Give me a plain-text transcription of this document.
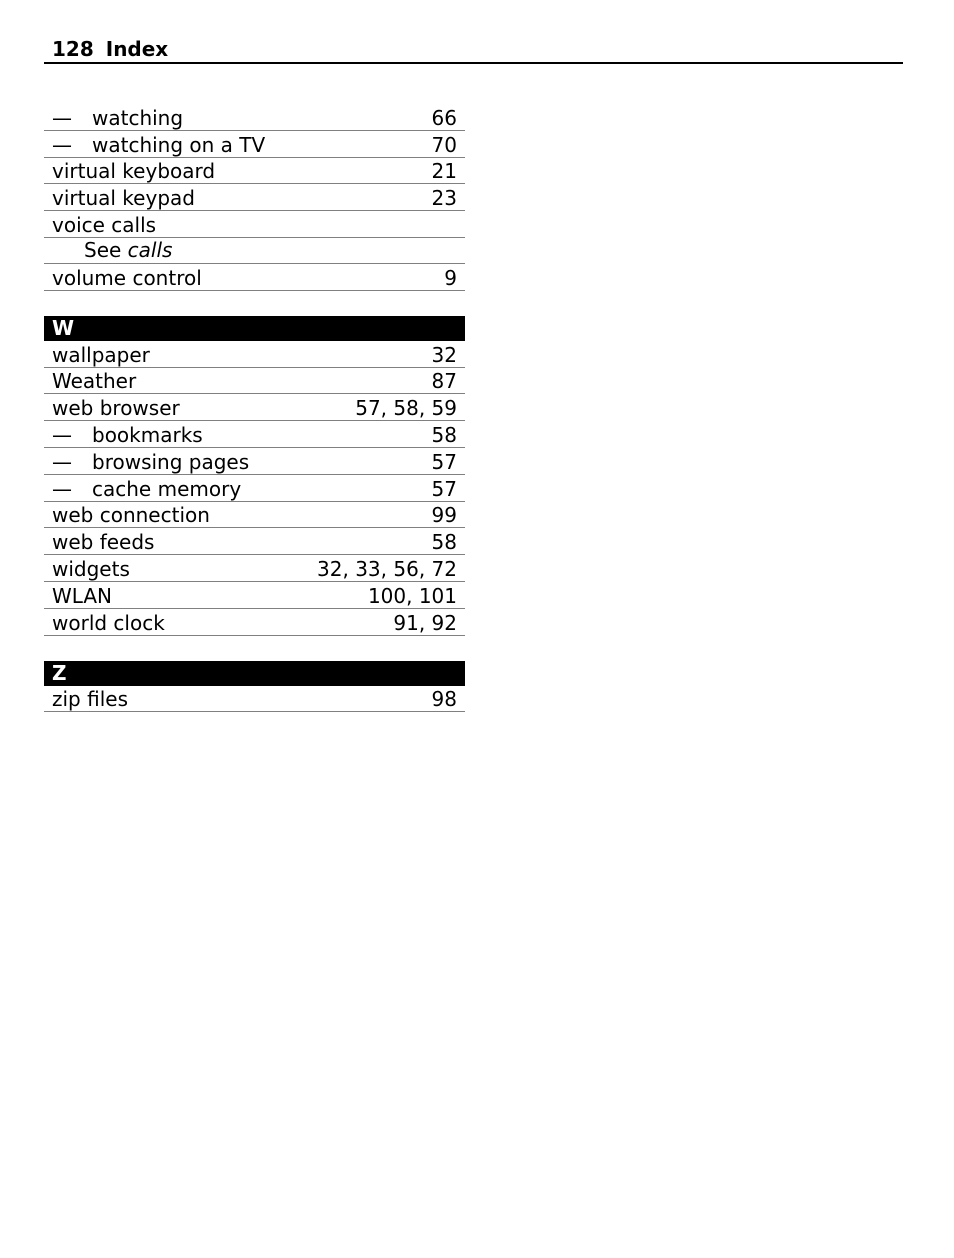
128 Index
—	watching	66
—	watching on a TV	70
virtual keyboard	21
virtual keypad	23
voice calls
See calls
volume control	9
W
wallpaper	32
Weather	87
web browser	57, 58, 59
—	bookmarks	58
—	browsing pages	57
—	cache memory	57
web connection	99
web feeds	58
widgets	32, 33, 56, 72
WLAN	100, 101
world clock	91, 92
Z
zip files	98
